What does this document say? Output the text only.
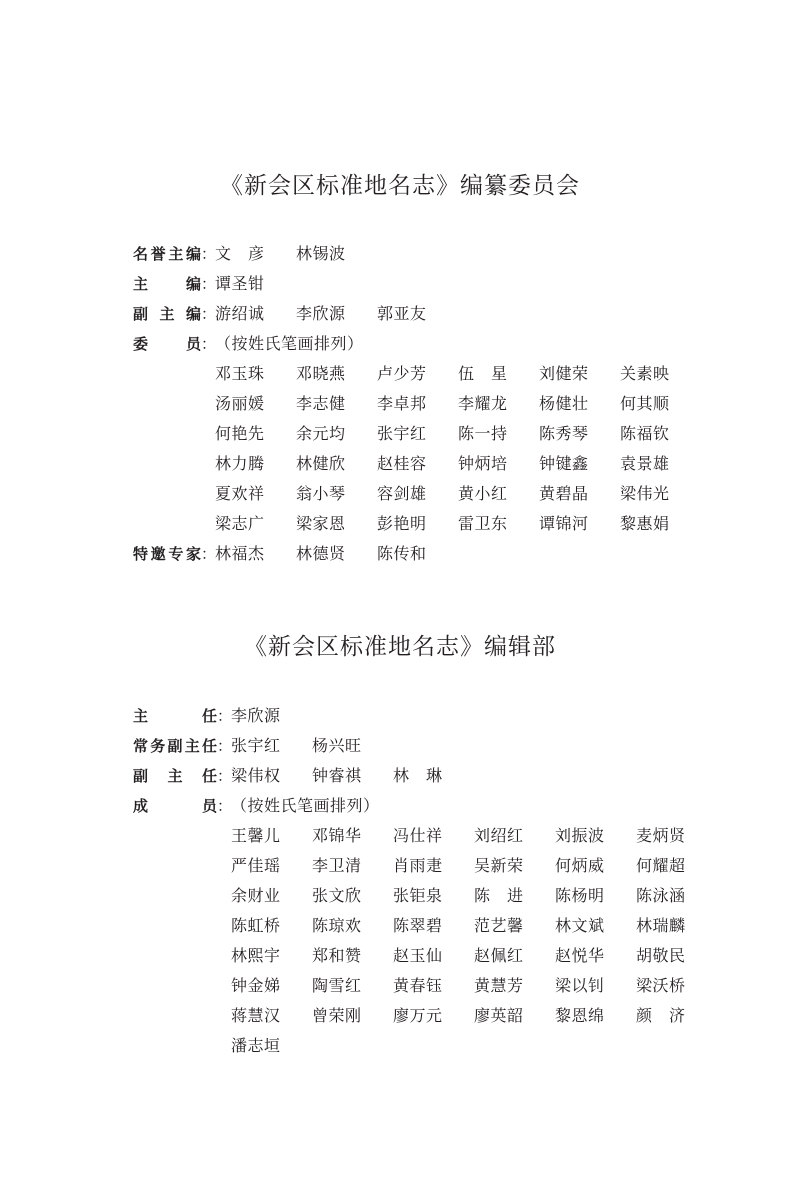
《新会区标准地名志》编纂委员会
名 誉 主 编 ：
文　彦	林锡波
主	编 ：
谭圣钳
副 主 编 ：
游绍诚	李欣源	郭亚友
委	员 ：
（按姓氏笔画排列）
邓玉珠	邓晓燕	卢少芳	伍　星	刘健荣	关素映
汤丽媛	李志健	李卓邦	李耀龙	杨健壮	何其顺
何艳先	余元均	张宇红	陈一持	陈秀琴	陈福钦
林力腾	林健欣	赵桂容	钟炳培	钟键鑫	袁景雄
夏欢祥	翁小琴	容剑雄	黄小红	黄碧晶	梁伟光
梁志广	梁家恩	彭艳明	雷卫东	谭锦河	黎惠娟
特 邀 专 家 ：
林福杰	林德贤	陈传和
《新会区标准地名志》编辑部
主	任 ：
李欣源
常 务 副 主 任 ：
张宇红	杨兴旺
副 主 任 ：
梁伟权	钟睿祺	林　琳
成	员 ：
（按姓氏笔画排列）
王馨儿	邓锦华	冯仕祥	刘绍红	刘振波	麦炳贤
严佳瑶	李卫清	肖雨疌	吴新荣	何炳威	何耀超
余财业	张文欣	张钜泉	陈　进	陈杨明	陈泳涵
陈虹桥	陈琼欢	陈翠碧	范艺馨	林文斌	林瑞麟
林熙宇	郑和赞	赵玉仙	赵佩红	赵悦华	胡敬民
钟金娣	陶雪红	黄春钰	黄慧芳	梁以钊	梁沃桥
蒋慧汉	曾荣刚	廖万元	廖英韶	黎恩绵	颜　济
潘志垣
